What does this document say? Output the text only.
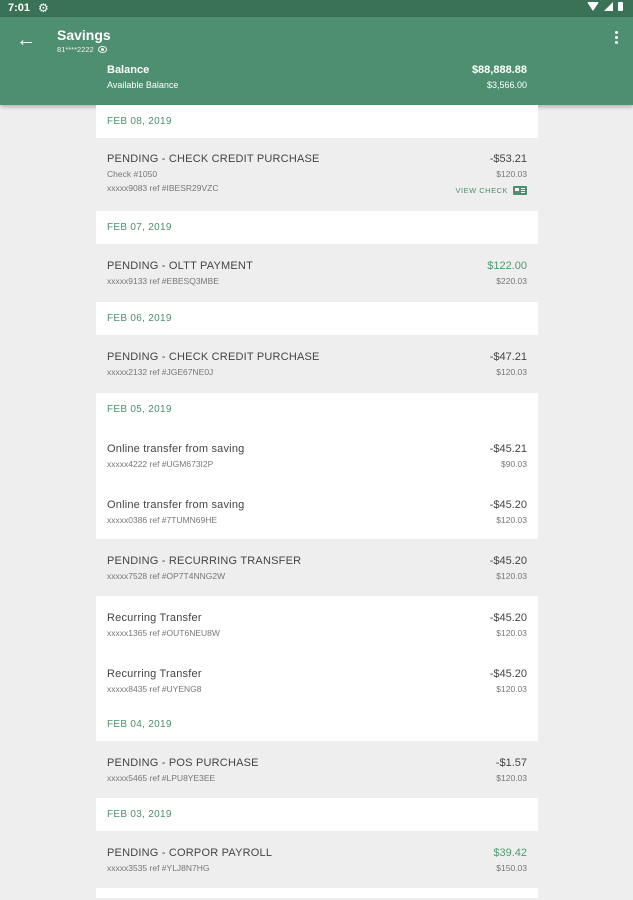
7:01 ⚙
← Savings
81****2222
Balance
Available Balance
$88,888.88
$3,566.00
FEB 08, 2019
PENDING - CHECK CREDIT PURCHASE
Check #1050
xxxxx9083 ref #IBESR29VZC
-$53.21
$120.03
VIEW CHECK
FEB 07, 2019
PENDING - OLTT PAYMENT
xxxxx9133 ref #EBESQ3MBE
$122.00
$220.03
FEB 06, 2019
PENDING - CHECK CREDIT PURCHASE
xxxxx2132 ref #JGE67NE0J
-$47.21
$120.03
FEB 05, 2019
Online transfer from saving
xxxxx4222 ref #UGM673I2P
-$45.21
$90.03
Online transfer from saving
xxxxx0386 ref #7TUMN69HE
-$45.20
$120.03
PENDING - RECURRING TRANSFER
xxxxx7528 ref #OP7T4NNG2W
-$45.20
$120.03
Recurring Transfer
xxxxx1365 ref #OUT6NEU8W
-$45.20
$120.03
Recurring Transfer
xxxxx8435 ref #UYENG8
-$45.20
$120.03
FEB 04, 2019
PENDING - POS PURCHASE
xxxxx5465 ref #LPU8YE3EE
-$1.57
$120.03
FEB 03, 2019
PENDING - CORPOR PAYROLL
xxxxx3535 ref #YLJ8N7HG
$39.42
$150.03
